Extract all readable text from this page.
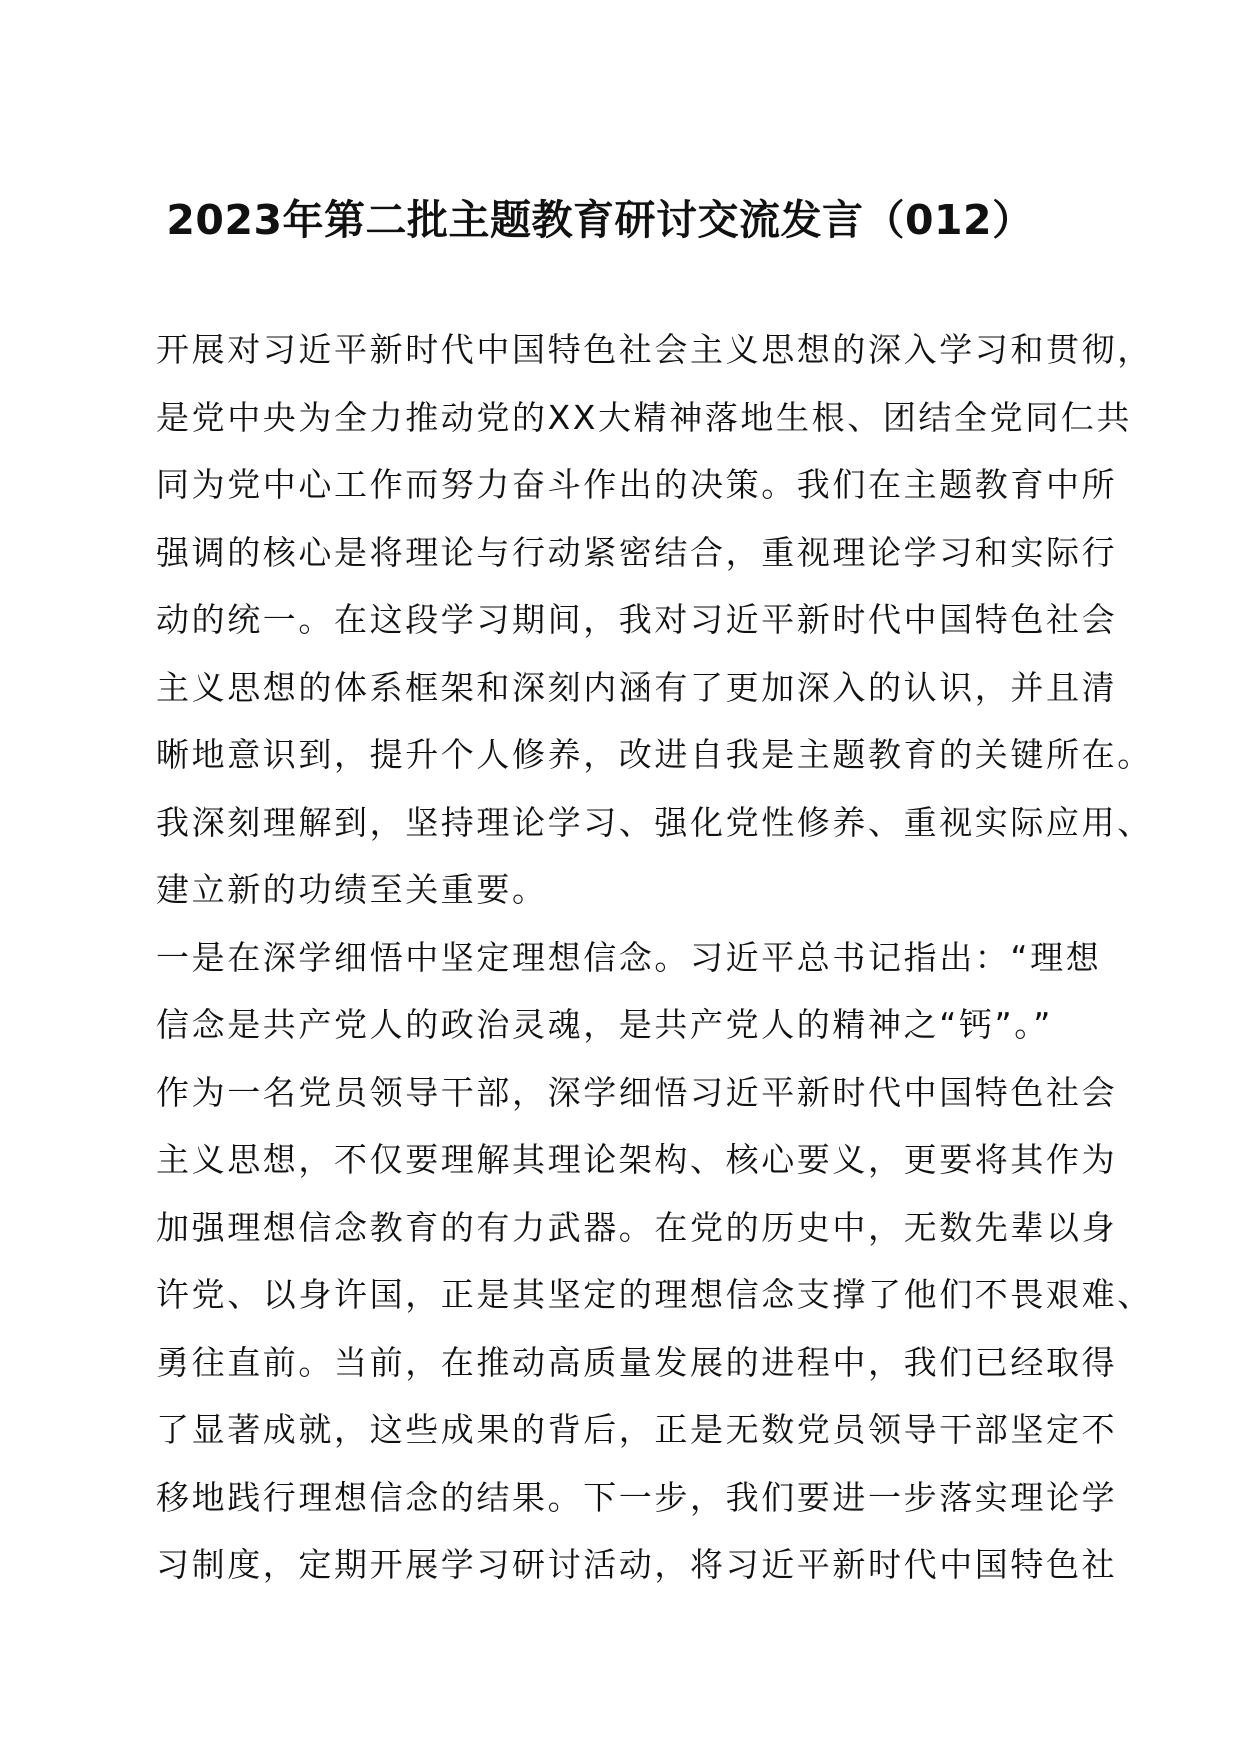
2023年第二批主题教育研讨交流发言（012）
开展对习近平新时代中国特色社会主义思想的深入学习和贯彻，
是党中央为全力推动党的XX大精神落地生根、团结全党同仁共
同为党中心工作而努力奋斗作出的决策。我们在主题教育中所
强调的核心是将理论与行动紧密结合，重视理论学习和实际行
动的统一。在这段学习期间，我对习近平新时代中国特色社会
主义思想的体系框架和深刻内涵有了更加深入的认识，并且清
晰地意识到，提升个人修养，改进自我是主题教育的关键所在。
我深刻理解到，坚持理论学习、强化党性修养、重视实际应用、
建立新的功绩至关重要。
一是在深学细悟中坚定理想信念。习近平总书记指出：“理想
信念是共产党人的政治灵魂，是共产党人的精神之“钙”。”
作为一名党员领导干部，深学细悟习近平新时代中国特色社会
主义思想，不仅要理解其理论架构、核心要义，更要将其作为
加强理想信念教育的有力武器。在党的历史中，无数先辈以身
许党、以身许国，正是其坚定的理想信念支撑了他们不畏艰难、
勇往直前。当前，在推动高质量发展的进程中，我们已经取得
了显著成就，这些成果的背后，正是无数党员领导干部坚定不
移地践行理想信念的结果。下一步，我们要进一步落实理论学
习制度，定期开展学习研讨活动，将习近平新时代中国特色社
